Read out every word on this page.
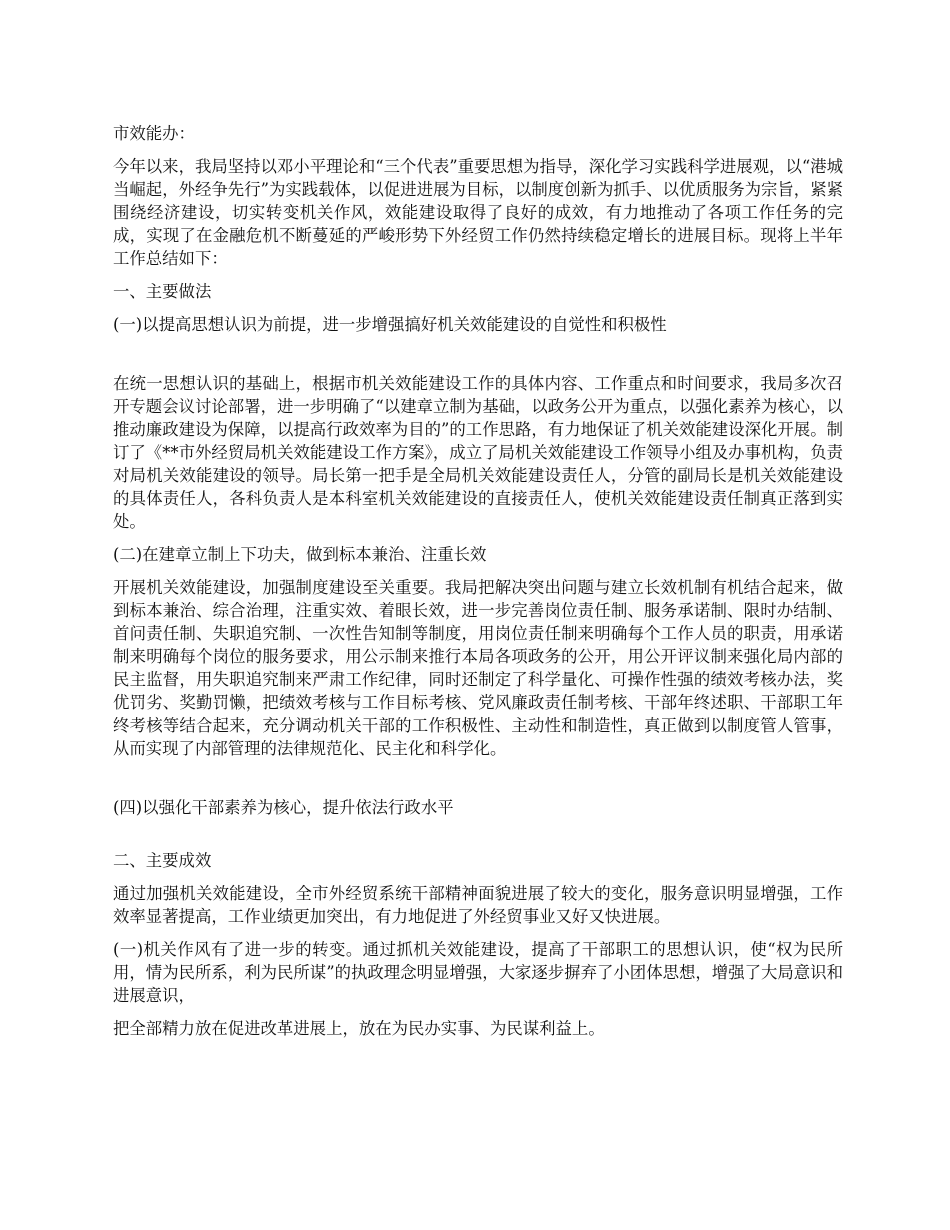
市效能办：

今年以来，我局坚持以邓小平理论和“三个代表”重要思想为指导，深化学习实践科学进展观，以“港城当崛起，外经争先行”为实践载体，以促进进展为目标，以制度创新为抓手、以优质服务为宗旨，紧紧围绕经济建设，切实转变机关作风，效能建设取得了良好的成效，有力地推动了各项工作任务的完成，实现了在金融危机不断蔓延的严峻形势下外经贸工作仍然持续稳定增长的进展目标。现将上半年工作总结如下：

一、主要做法

(一)以提高思想认识为前提，进一步增强搞好机关效能建设的自觉性和积极性

在统一思想认识的基础上，根据市机关效能建设工作的具体内容、工作重点和时间要求，我局多次召开专题会议讨论部署，进一步明确了“以建章立制为基础，以政务公开为重点，以强化素养为核心，以推动廉政建设为保障，以提高行政效率为目的”的工作思路，有力地保证了机关效能建设深化开展。制订了《**市外经贸局机关效能建设工作方案》，成立了局机关效能建设工作领导小组及办事机构，负责对局机关效能建设的领导。局长第一把手是全局机关效能建设责任人，分管的副局长是机关效能建设的具体责任人，各科负责人是本科室机关效能建设的直接责任人，使机关效能建设责任制真正落到实处。

(二)在建章立制上下功夫，做到标本兼治、注重长效

开展机关效能建设，加强制度建设至关重要。我局把解决突出问题与建立长效机制有机结合起来，做到标本兼治、综合治理，注重实效、着眼长效，进一步完善岗位责任制、服务承诺制、限时办结制、首问责任制、失职追究制、一次性告知制等制度，用岗位责任制来明确每个工作人员的职责，用承诺制来明确每个岗位的服务要求，用公示制来推行本局各项政务的公开，用公开评议制来强化局内部的民主监督，用失职追究制来严肃工作纪律，同时还制定了科学量化、可操作性强的绩效考核办法，奖优罚劣、奖勤罚懒，把绩效考核与工作目标考核、党风廉政责任制考核、干部年终述职、干部职工年终考核等结合起来，充分调动机关干部的工作积极性、主动性和制造性，真正做到以制度管人管事，从而实现了内部管理的法律规范化、民主化和科学化。

(四)以强化干部素养为核心，提升依法行政水平

二、主要成效

通过加强机关效能建设，全市外经贸系统干部精神面貌进展了较大的变化，服务意识明显增强，工作效率显著提高，工作业绩更加突出，有力地促进了外经贸事业又好又快进展。

(一)机关作风有了进一步的转变。通过抓机关效能建设，提高了干部职工的思想认识，使“权为民所用，情为民所系，利为民所谋”的执政理念明显增强，大家逐步摒弃了小团体思想，增强了大局意识和进展意识，

把全部精力放在促进改革进展上，放在为民办实事、为民谋利益上。
